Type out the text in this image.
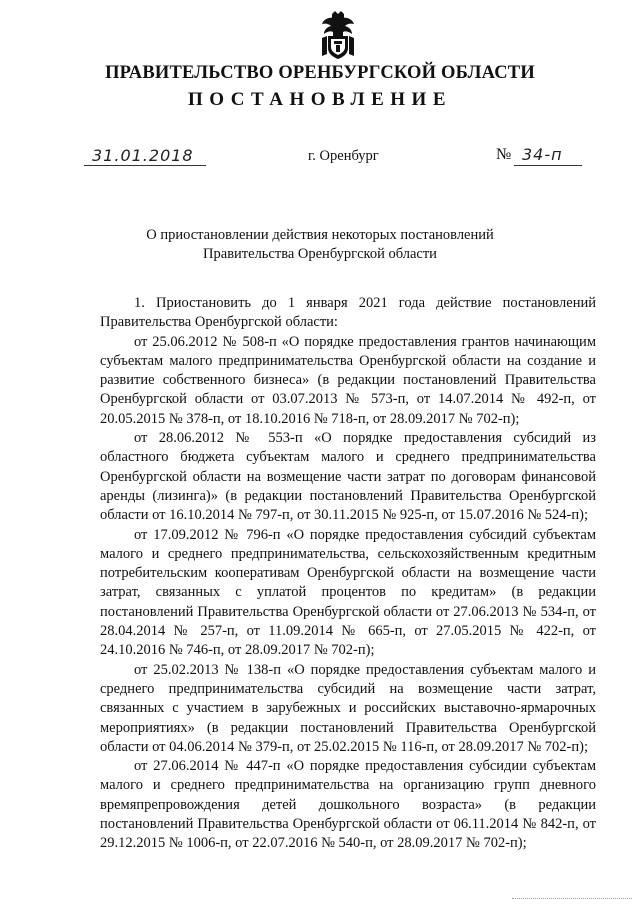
ПРАВИТЕЛЬСТВО ОРЕНБУРГСКОЙ ОБЛАСТИ
ПОСТАНОВЛЕНИЕ
31.01.2018	г. Оренбург	№ 34-п
О приостановлении действия некоторых постановлений
Правительства Оренбургской области

1. Приостановить до 1 января 2021 года действие постановлений Правительства Оренбургской области:

от 25.06.2012 № 508-п «О порядке предоставления грантов начинающим субъектам малого предпринимательства Оренбургской области на создание и развитие собственного бизнеса» (в редакции постановлений Правительства Оренбургской области от 03.07.2013 № 573-п, от 14.07.2014 № 492-п, от 20.05.2015 № 378-п, от 18.10.2016 № 718-п, от 28.09.2017 № 702-п);

от 28.06.2012 № 553-п «О порядке предоставления субсидий из областного бюджета субъектам малого и среднего предпринимательства Оренбургской области на возмещение части затрат по договорам финансовой аренды (лизинга)» (в редакции постановлений Правительства Оренбургской области от 16.10.2014 № 797-п, от 30.11.2015 № 925-п, от 15.07.2016 № 524-п);

от 17.09.2012 № 796-п «О порядке предоставления субсидий субъектам малого и среднего предпринимательства, сельскохозяйственным кредитным потребительским кооперативам Оренбургской области на возмещение части затрат, связанных с уплатой процентов по кредитам» (в редакции постановлений Правительства Оренбургской области от 27.06.2013 № 534-п, от 28.04.2014 № 257-п, от 11.09.2014 № 665-п, от 27.05.2015 № 422-п, от 24.10.2016 № 746-п, от 28.09.2017 № 702-п);

от 25.02.2013 № 138-п «О порядке предоставления субъектам малого и среднего предпринимательства субсидий на возмещение части затрат, связанных с участием в зарубежных и российских выставочно-ярмарочных мероприятиях» (в редакции постановлений Правительства Оренбургской области от 04.06.2014 № 379-п, от 25.02.2015 № 116-п, от 28.09.2017 № 702-п);

от 27.06.2014 № 447-п «О порядке предоставления субсидии субъектам малого и среднего предпринимательства на организацию групп дневного времяпрепровождения детей дошкольного возраста» (в редакции постановлений Правительства Оренбургской области от 06.11.2014 № 842-п, от 29.12.2015 № 1006-п, от 22.07.2016 № 540-п, от 28.09.2017 № 702-п);
